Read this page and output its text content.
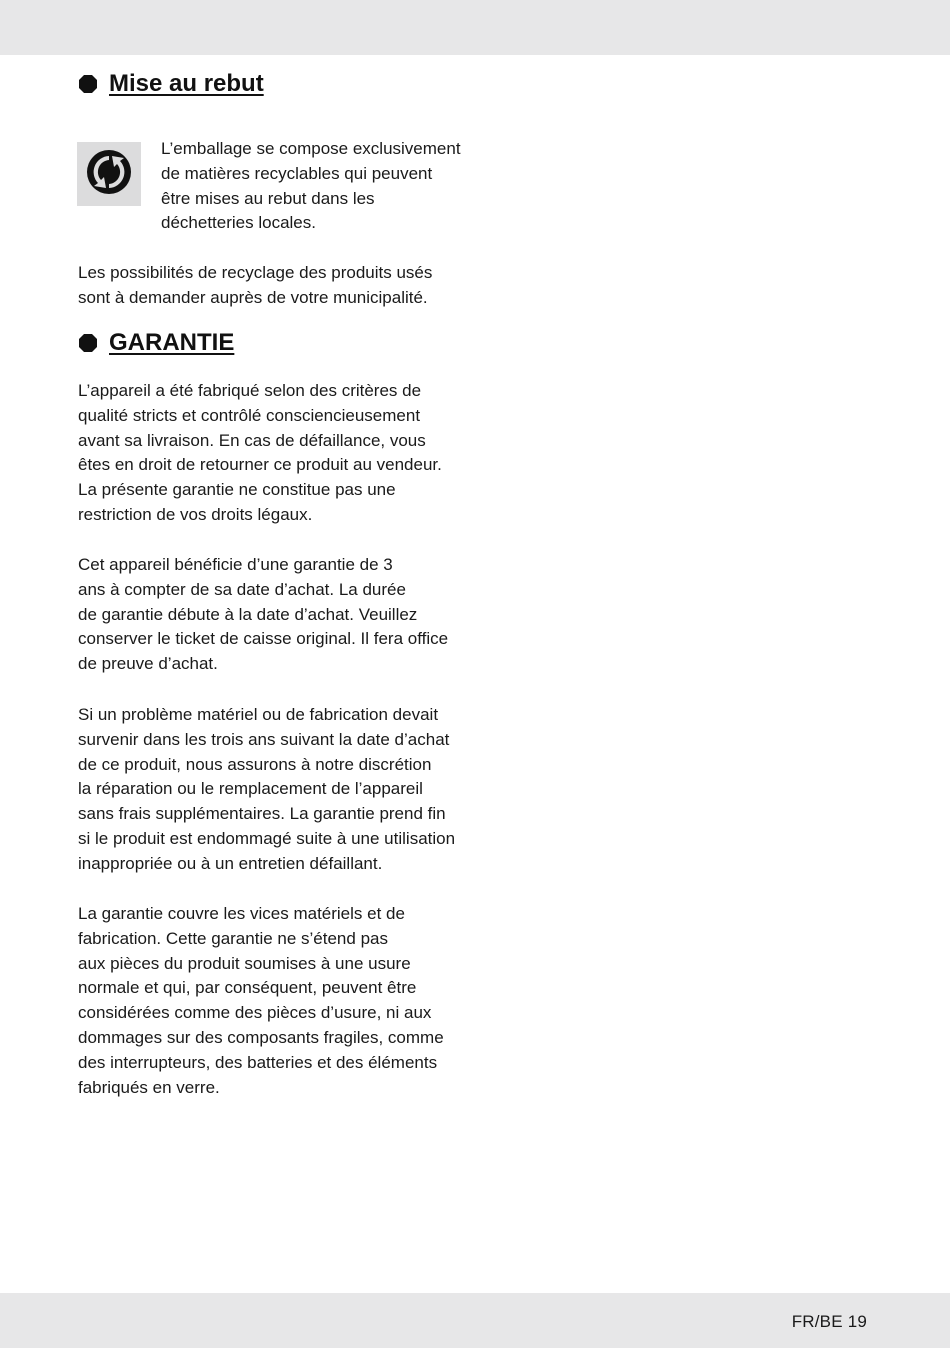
Mise au rebut

L’emballage se compose exclusivement
de matières recyclables qui peuvent
être mises au rebut dans les
déchetteries locales.

Les possibilités de recyclage des produits usés
sont à demander auprès de votre municipalité.

GARANTIE

L’appareil a été fabriqué selon des critères de
qualité stricts et contrôlé consciencieusement
avant sa livraison. En cas de défaillance, vous
êtes en droit de retourner ce produit au vendeur.
La présente garantie ne constitue pas une
restriction de vos droits légaux.

Cet appareil bénéficie d’une garantie de 3
ans à compter de sa date d’achat. La durée
de garantie débute à la date d’achat. Veuillez
conserver le ticket de caisse original. Il fera office
de preuve d’achat.

Si un problème matériel ou de fabrication devait
survenir dans les trois ans suivant la date d’achat
de ce produit, nous assurons à notre discrétion
la réparation ou le remplacement de l’appareil
sans frais supplémentaires. La garantie prend fin
si le produit est endommagé suite à une utilisation
inappropriée ou à un entretien défaillant.

La garantie couvre les vices matériels et de
fabrication. Cette garantie ne s’étend pas
aux pièces du produit soumises à une usure
normale et qui, par conséquent, peuvent être
considérées comme des pièces d’usure, ni aux
dommages sur des composants fragiles, comme
des interrupteurs, des batteries et des éléments
fabriqués en verre.

FR/BE 19
